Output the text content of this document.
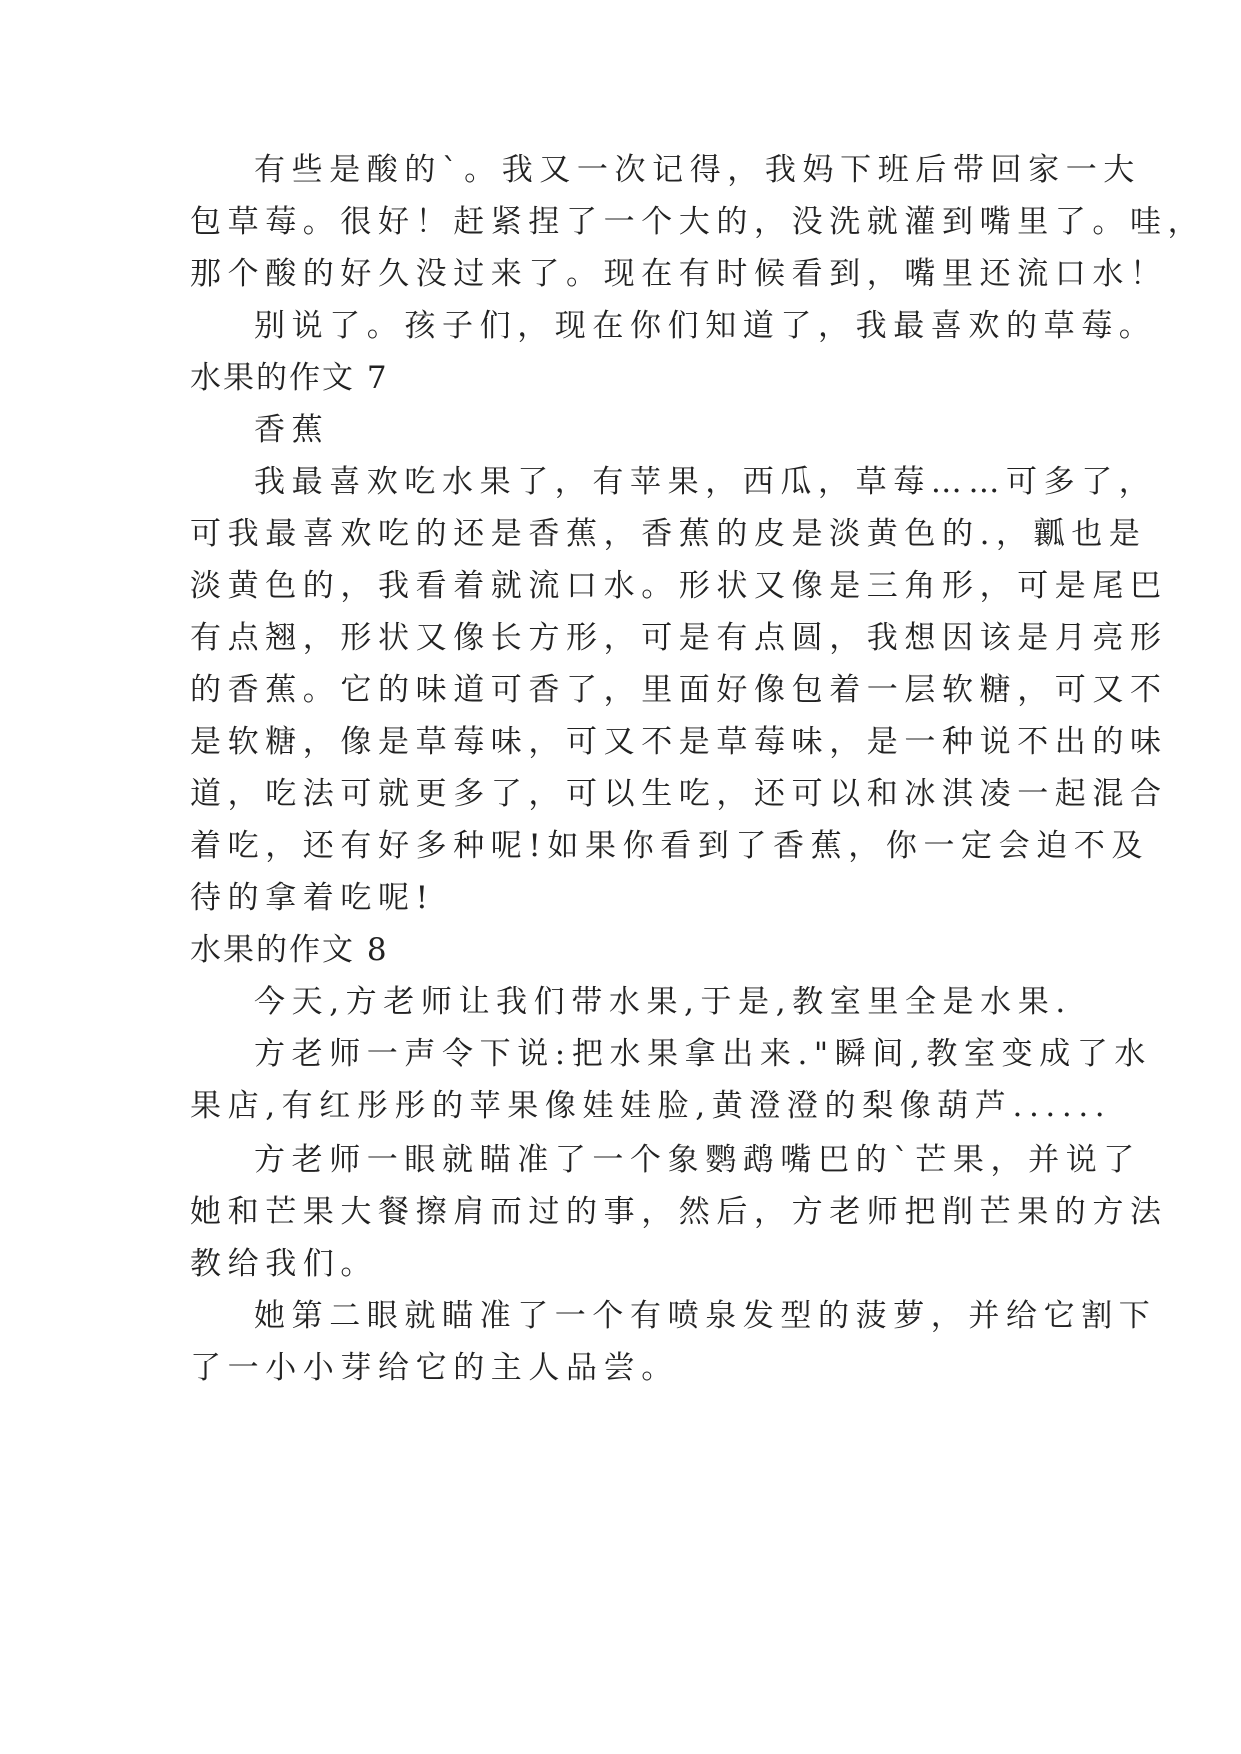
有些是酸的`。我又一次记得，我妈下班后带回家一大
包草莓。很好！赶紧捏了一个大的，没洗就灌到嘴里了。哇，
那个酸的好久没过来了。现在有时候看到，嘴里还流口水！
别说了。孩子们，现在你们知道了，我最喜欢的草莓。
水果的作文 7
香蕉
我最喜欢吃水果了，有苹果，西瓜，草莓……可多了，
可我最喜欢吃的还是香蕉，香蕉的皮是淡黄色的.，瓤也是
淡黄色的，我看着就流口水。形状又像是三角形，可是尾巴
有点翘，形状又像长方形，可是有点圆，我想因该是月亮形
的香蕉。它的味道可香了，里面好像包着一层软糖，可又不
是软糖，像是草莓味，可又不是草莓味，是一种说不出的味
道，吃法可就更多了，可以生吃，还可以和冰淇凌一起混合
着吃，还有好多种呢!如果你看到了香蕉，你一定会迫不及
待的拿着吃呢!
水果的作文 8
今天,方老师让我们带水果,于是,教室里全是水果.
方老师一声令下说:把水果拿出来."瞬间,教室变成了水
果店,有红彤彤的苹果像娃娃脸,黄澄澄的梨像葫芦......
方老师一眼就瞄准了一个象鹦鹉嘴巴的`芒果，并说了
她和芒果大餐擦肩而过的事，然后，方老师把削芒果的方法
教给我们。
她第二眼就瞄准了一个有喷泉发型的菠萝，并给它割下
了一小小芽给它的主人品尝。
